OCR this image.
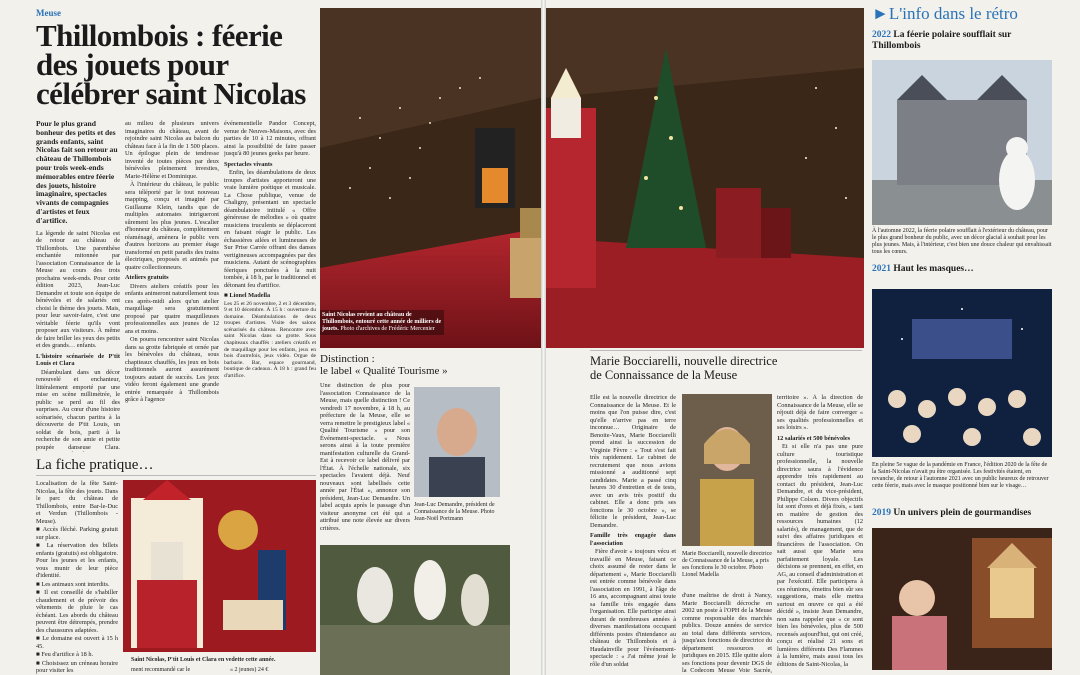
Meuse
Thillombois : féerie
des jouets pour
célébrer saint Nicolas
Pour le plus grand bonheur des petits et des grands enfants, saint Nicolas fait son retour au château de Thillombois pour trois week-ends mémorables entre féerie des jouets, histoire imaginaire, spectacles vivants de compagnies d'artistes et feux d'artifice.

La légende de saint Nicolas est de retour au château de Thillombois. Une parenthèse enchantée mitonnée par l'association Connaissance de la Meuse au cours des trois prochains week-ends. Pour cette édition 2023, Jean-Luc Demandre et toute son équipe de bénévoles et de salariés ont choisi le thème des jouets. Mais, pour leur savoir-faire, c'est une véritable féerie qu'ils vont proposer aux visiteurs. À même de faire briller les yeux des petits et des grands… enfants.

L'histoire scénarisée de P'tit Louis et Clara

Déambulant dans un décor renouvelé et enchanteur, littéralement emporté par une mise en scène millimétrée, le public se perd au fil des surprises. Au cœur d'une histoire scénarisée, chacun partira à la découverte de P'tit Louis, un soldat de bois, parti à la recherche de son amie et petite poupée danseuse Clara.

au milieu de plusieurs univers imaginaires du château, avant de rejoindre saint Nicolas au balcon du château face à la fin de 1 500 places. Un épilogue plein de tendresse inventé de toutes pièces par deux bénévoles pleinement investies, Marie-Hélène et Dominique.

À l'intérieur du château, le public sera téléporté par le tout nouveau mapping, conçu et imaginé par Guillaume Klein, tandis que de multiples automates intrigueront sûrement les plus jeunes. L'escalier d'honneur du château, complètement réaménagé, amènera le public vers d'autres horizons au premier étage transformé en petit paradis des trains électriques, proposés et animés par quatre collectionneurs.

Ateliers gratuits

Divers ateliers créatifs pour les enfants animeront naturellement tous ces après-midi alors qu'un atelier maquillage sera gratuitement proposé par quatre maquilleuses professionnelles aux jeunes de 12 ans et moins.

On pourra rencontrer saint Nicolas dans sa grotte fabriquée et ornée par les bénévoles du château, sous chapiteaux chauffés, les jeux en bois traditionnels auront assurément toujours autant de succès. Les jeux vidéo feront également une grande entrée remarquée à Thillombois grâce à l'agence

événementielle Pandor Concept, venue de Neuves-Maisons, avec des parties de 10 à 12 minutes, offrant ainsi la possibilité de faire passer jusqu'à 80 jeunes geeks par heure.

Spectacles vivants

Enfin, les déambulations de deux troupes d'artistes apporteront une vraie lumière poétique et musicale. La Chose publique, venue de Chaligny, présentant un spectacle déambulatoire intitulé « Offre généreuse de mélodies » où quatre musiciens truculents se déplaceront en faisant réagir le public. Les échassières ailées et lumineuses de Sur Prise Carrée offrant des danses vertigineuses accompagnées par des musiciens. Autant de scénographies féeriques ponctuées à la nuit tombée, à 18 h, par le traditionnel et détonant feu d'artifice.

■ Lionel Madella

Les 25 et 26 novembre, 2 et 3 décembre, 9 et 10 décembre. À 15 h : ouverture du domaine. Déambulations de deux troupes d'artistes. Visite des salons scénarisés du château. Rencontre avec saint Nicolas dans sa grotte. Sous chapiteaux chauffés : ateliers créatifs et de maquillage pour les enfants, jeux en bois d'autrefois, jeux vidéo. Orgue de barbarie. Bar, espace gourmand, boutique de cadeaux. À 18 h : grand feu d'artifice.

Saint Nicolas revient au château de Thillombois, entouré cette année de milliers de jouets. Photo d'archives de Frédéric Mercenier
La fiche pratique…

Localisation de la fête Saint-Nicolas, la fête des jouets. Dans le parc du château de Thillombois, entre Bar-le-Duc et Verdun (Thillombois - Meuse).

■ Accès fléché. Parking gratuit sur place.

■ La réservation des billets enfants (gratuits) est obligatoire. Pour les jeunes et les enfants, vous munir de leur pièce d'identité.

■ Les animaux sont interdits.

■ Il est conseillé de s'habiller chaudement et de prévoir des vêtements de pluie le cas échéant. Les abords du château peuvent être détrempés, prendre des chaussures adaptées.

■ Le domaine est ouvert à 15 h 45.

■ Feu d'artifice à 18 h.

■ Choisissez un créneau horaire pour visiter les

Saint Nicolas, P'tit Louis et Clara en vedette cette année.
ment recommandé car le	« 2 jeunes) 24 €
Distinction :
le label « Qualité Tourisme »
Une distinction de plus pour l'association Connaissance de la Meuse, mais quelle distinction ! Ce vendredi 17 novembre, à 18 h, au préfecture de la Meuse, elle se verra remettre le prestigieux label « Qualité Tourisme » pour son Événement-spectacle. « Nous serons ainsi à la toute première manifestation culturelle du Grand-Est à recevoir ce label délivré par l'État. À l'échelle nationale, six spectacles l'avaient déjà. Neuf nouveaux sont labellisés cette année par l'État », annonce son président, Jean-Luc Demandre. Un label acquis après le passage d'un visiteur anonyme cet été qui a attribué une note élevée sur divers critères.
Jean-Luc Demandre, président de Connaissance de la Meuse. Photo Jean-Noël Portmann
Marie Bocciarelli, nouvelle directrice
de Connaissance de la Meuse

Elle est la nouvelle directrice de Connaissance de la Meuse. Et le moins que l'on puisse dire, c'est qu'elle n'arrive pas en terre inconnue… Originaire de Benoite-Vaux, Marie Bocciarelli prend ainsi la succession de Virginie Fèvre : « Tout s'est fait très rapidement. Le cabinet de recrutement que nous avions missionné a auditionné sept candidates. Marie a passé cinq heures 30 d'entretien et de tests, avec un avis très positif du cabinet. Elle a donc pris ses fonctions le 30 octobre », se félicite le président, Jean-Luc Demandre.

Famille très engagée dans l'association

Fière d'avoir « toujours vécu et travaillé en Meuse, faisant ce choix assumé de rester dans le département », Marie Bocciarelli est entrée comme bénévole dans l'association en 1991, à l'âge de 16 ans, accompagnant ainsi toute sa famille très engagée dans l'organisation. Elle participe ainsi durant de nombreuses années à diverses manifestations occupant différents postes d'intendance au château de Thillombois et à Haudainville pour l'événement-spectacle : « J'ai même joué le rôle d'un soldat

Marie Bocciarelli, nouvelle directrice de Connaissance de la Meuse, a pris ses fonctions le 30 octobre. Photo Lionel Madella
d'une maîtrise de droit à Nancy, Marie Bocciarelli décroche en 2002 un poste à l'OPH de la Meuse comme responsable des marchés publics. Douze années de service au total dans différents services, jusqu'aux fonctions de directrice du département ressources et juridiques en 2015. Elle quitte alors ses fonctions pour devenir DGS de la Codecom Meuse Voie Sacrée,

territoire ». À la direction de Connaissance de la Meuse, elle se réjouit déjà de faire converger « ses qualités professionnelles et ses loisirs ».

12 salariés et 500 bénévoles

Et si elle n'a pas une pure culture touristique professionnelle, la nouvelle directrice saura à l'évidence apprendre très rapidement au contact du président, Jean-Luc Demandre, et du vice-président, Philippe Colson. Divers objectifs lui sont d'ores et déjà fixés, « tant en matière de gestion des ressources humaines (12 salariés), de management, que de suivi des affaires juridiques et financières de l'association. On sait aussi que Marie sera parfaitement loyale. Les décisions se prennent, en effet, en AG, au conseil d'administration et par l'exécutif. Elle participera à ces réunions, émettra bien sûr ses suggestions, mais elle mettra surtout en œuvre ce qui a été décidé », insiste Jean Demandre, non sans rappeler que « ce sont bien les bénévoles, plus de 500 recensés aujourd'hui, qui ont créé, conçu et réalisé 21 sons et lumières différents Des Flammes à la lumière, mais aussi tous les éditions de Saint-Nicolas, la

►L'info dans le rétro
2022 La féerie polaire soufflait sur Thillombois
À l'automne 2022, la féerie polaire soufflait à l'extérieur du château, pour le plus grand bonheur du public, avec un décor glacial à souhait pour les plus jeunes. Mais, à l'intérieur, c'est bien une douce chaleur qui envahissait tous les cœurs.
2021 Haut les masques…
En pleine 5e vague de la pandémie en France, l'édition 2020 de la fête de la Saint-Nicolas n'avait pu être organisée. Les festivités étaient, en revanche, de retour à l'automne 2021 avec un public heureux de retrouver cette féerie, mais avec le masque positionné bien sur le visage…
2019 Un univers plein de gourmandises
